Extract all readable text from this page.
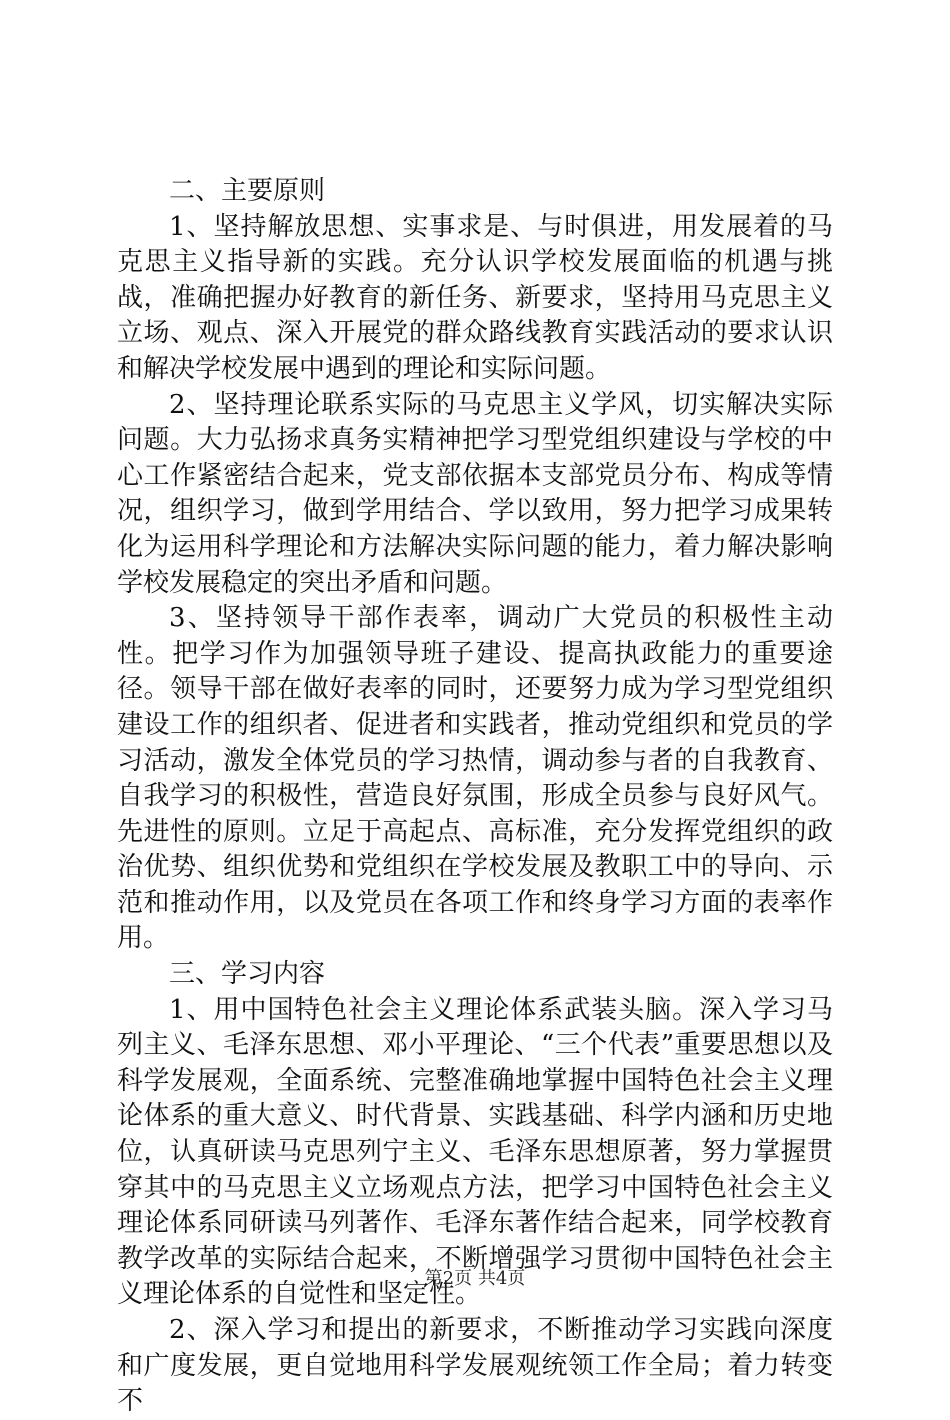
二、主要原则

1、坚持解放思想、实事求是、与时俱进，用发展着的马克思主义指导新的实践。充分认识学校发展面临的机遇与挑战，准确把握办好教育的新任务、新要求，坚持用马克思主义立场、观点、深入开展党的群众路线教育实践活动的要求认识和解决学校发展中遇到的理论和实际问题。

2、坚持理论联系实际的马克思主义学风，切实解决实际问题。大力弘扬求真务实精神把学习型党组织建设与学校的中心工作紧密结合起来，党支部依据本支部党员分布、构成等情况，组织学习，做到学用结合、学以致用，努力把学习成果转化为运用科学理论和方法解决实际问题的能力，着力解决影响学校发展稳定的突出矛盾和问题。

3、坚持领导干部作表率，调动广大党员的积极性主动性。把学习作为加强领导班子建设、提高执政能力的重要途径。领导干部在做好表率的同时，还要努力成为学习型党组织建设工作的组织者、促进者和实践者，推动党组织和党员的学习活动，激发全体党员的学习热情，调动参与者的自我教育、自我学习的积极性，营造良好氛围，形成全员参与良好风气。先进性的原则。立足于高起点、高标准，充分发挥党组织的政治优势、组织优势和党组织在学校发展及教职工中的导向、示范和推动作用，以及党员在各项工作和终身学习方面的表率作用。

三、学习内容

1、用中国特色社会主义理论体系武装头脑。深入学习马列主义、毛泽东思想、邓小平理论、“三个代表”重要思想以及科学发展观，全面系统、完整准确地掌握中国特色社会主义理论体系的重大意义、时代背景、实践基础、科学内涵和历史地位，认真研读马克思列宁主义、毛泽东思想原著，努力掌握贯穿其中的马克思主义立场观点方法，把学习中国特色社会主义理论体系同研读马列著作、毛泽东著作结合起来，同学校教育教学改革的实际结合起来，不断增强学习贯彻中国特色社会主义理论体系的自觉性和坚定性。

2、深入学习和提出的新要求，不断推动学习实践向深度和广度发展，更自觉地用科学发展观统领工作全局；着力转变不

第2页 共4页
